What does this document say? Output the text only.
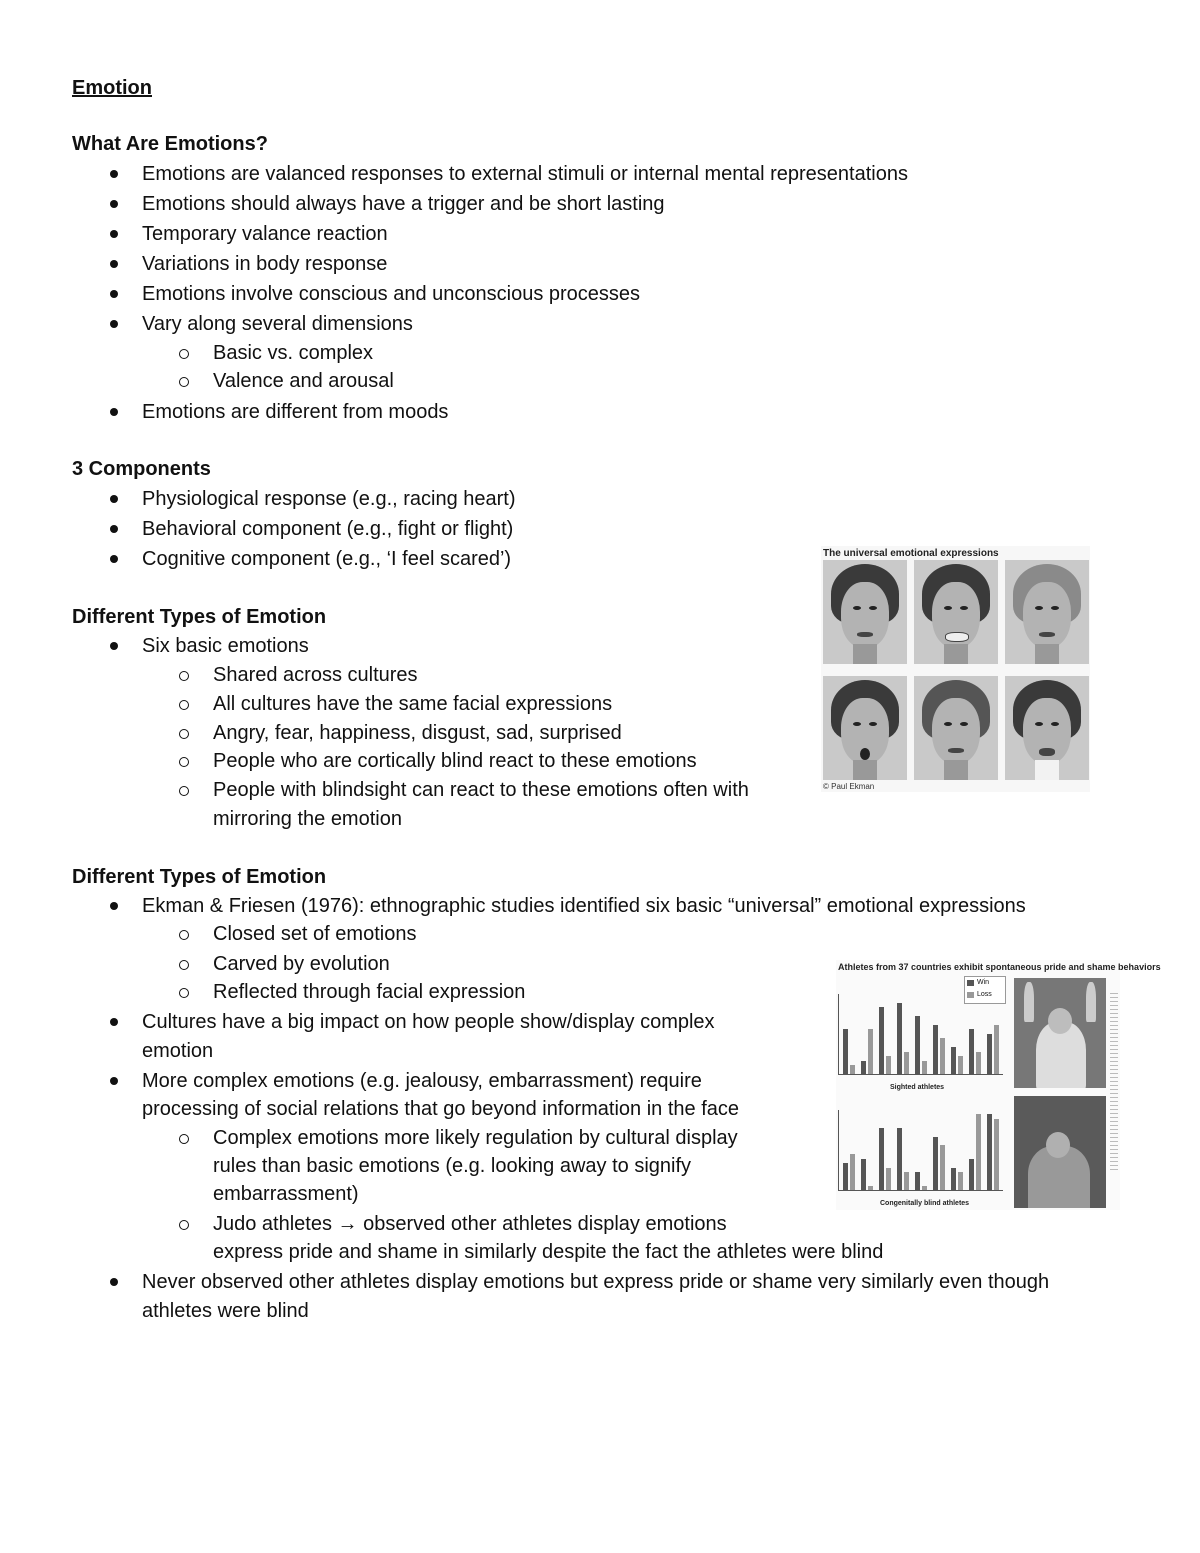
Emotion
What Are Emotions?
Emotions are valanced responses to external stimuli or internal mental representations
Emotions should always have a trigger and be short lasting
Temporary valance reaction
Variations in body response
Emotions involve conscious and unconscious processes
Vary along several dimensions
Basic vs. complex
Valence and arousal
Emotions are different from moods
3 Components
Physiological response (e.g., racing heart)
Behavioral component (e.g., fight or flight)
Cognitive component (e.g., ‘I feel scared’)
Different Types of Emotion
Six basic emotions
Shared across cultures
All cultures have the same facial expressions
Angry, fear, happiness, disgust, sad, surprised
People who are cortically blind react to these emotions
People with blindsight can react to these emotions often with
mirroring the emotion
Different Types of Emotion
Ekman & Friesen (1976): ethnographic studies identified six basic “universal” emotional expressions
Closed set of emotions
Carved by evolution
Reflected through facial expression
Cultures have a big impact on how people show/display complex
emotion
More complex emotions (e.g. jealousy, embarrassment) require
processing of social relations that go beyond information in the face
Complex emotions more likely regulation by cultural display
rules than basic emotions (e.g. looking away to signify
embarrassment)
Judo athletes → observed other athletes display emotions
express pride and shame in similarly despite the fact the athletes were blind
Never observed other athletes display emotions but express pride or shame very similarly even though
athletes were blind
The universal emotional expressions
© Paul Ekman
Athletes from 37 countries exhibit spontaneous pride and shame behaviors
Win
Loss
Sighted athletes
Congenitally blind athletes
